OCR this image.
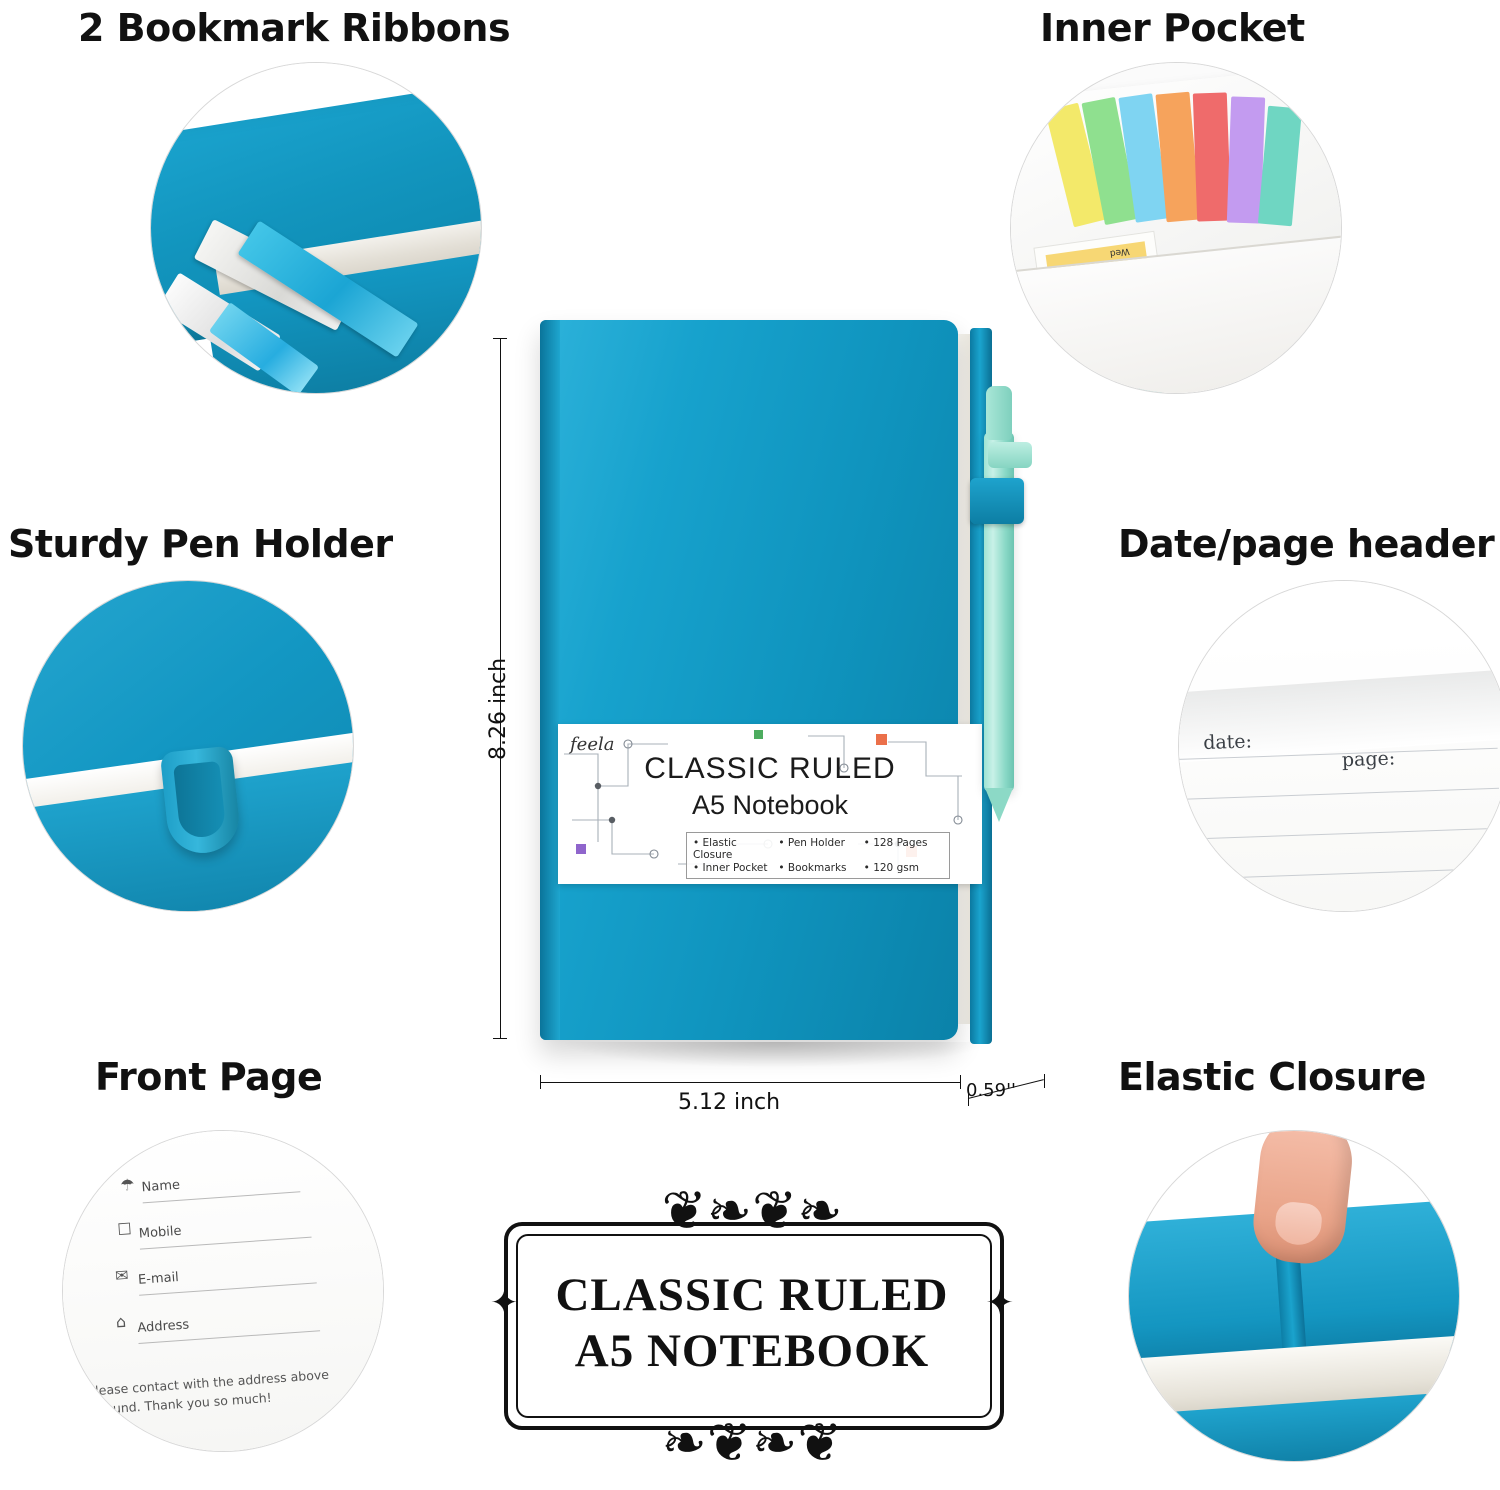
2 Bookmark Ribbons	Inner Pocket
Sturdy Pen Holder	Date/page header
Front Page	Elastic Closure
Wed
date:
page:
☂ Name
☐ Mobile
✉ E-mail
⌂ Address
Please contact with the address above if found. Thank you so much!
feela
CLASSIC RULED
A5 Notebook
• Elastic Closure
• Pen Holder	• 128 Pages
• Inner Pocket	• Bookmarks	• 120 gsm
8.26 inch
5.12 inch	0.59''
❦❧❦❧
CLASSIC RULED
A5 NOTEBOOK
❧❦❧❦
✦	✦
